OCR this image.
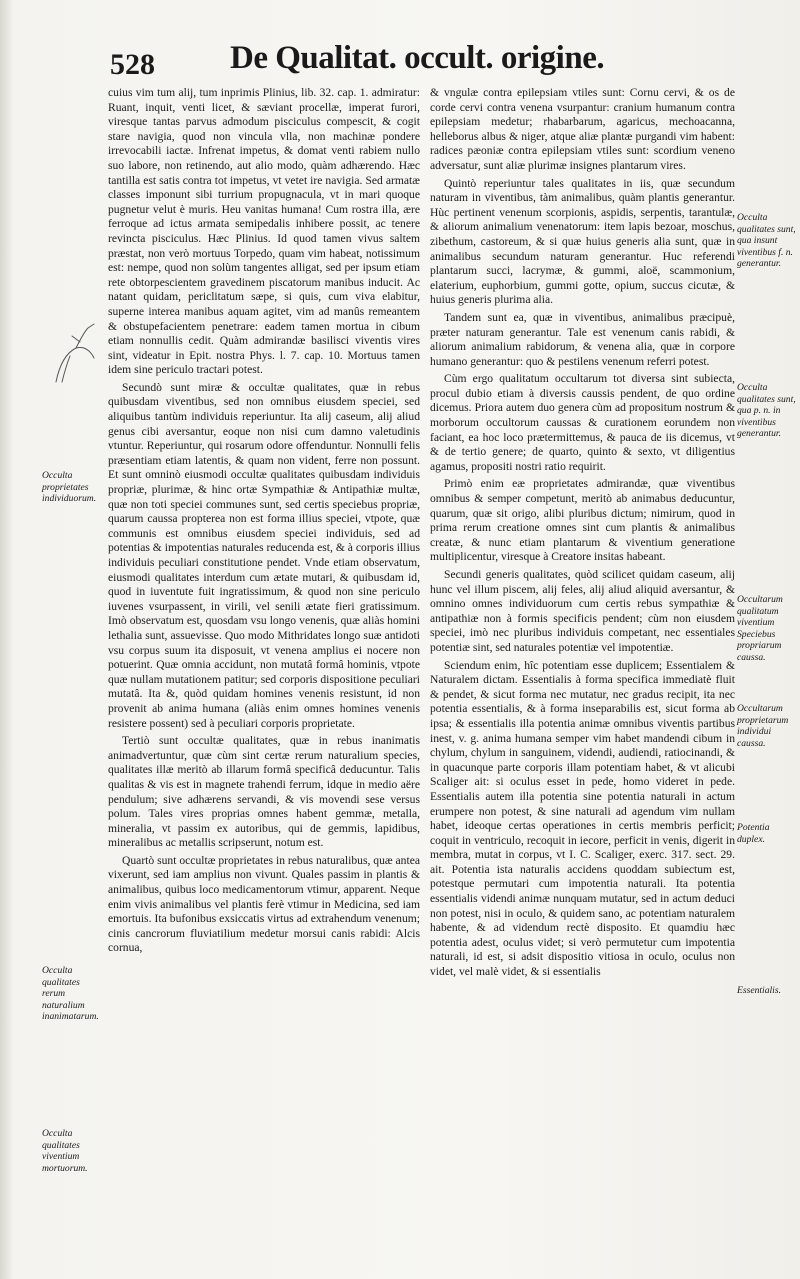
528 De Qualitat. occult. origine.

cuius vim tum alij, tum inprimis Plinius, lib. 32. cap. 1. admiratur: Ruant, inquit, venti licet, & sæviant procellæ, imperat furori, viresque tantas parvus admodum pisciculus compescit, & cogit stare navigia, quod non vincula vlla, non machinæ pondere irrevocabili iactæ. Infrenat impetus, & domat venti rabiem nullo suo labore, non retinendo, aut alio modo, quàm adhærendo. Hæc tantilla est satis contra tot impetus, vt vetet ire navigia. Sed armatæ classes imponunt sibi turrium propugnacula, vt in mari quoque pugnetur velut è muris. Heu vanitas humana! Cum rostra illa, ære ferroque ad ictus armata semipedalis inhibere possit, ac tenere revincta pisciculus. Hæc Plinius. Id quod tamen vivus saltem præstat, non verò mortuus Torpedo, quam vim habeat, notissimum est: nempe, quod non solùm tangentes alligat, sed per ipsum etiam rete obtorpescientem gravedinem piscatorum manibus inducit. Ac natant quidam, periclitatum sæpe, si quis, cum viva elabitur, superne interea manibus aquam agitet, vim ad manûs remeantem & obstupefacientem penetrare: eadem tamen mortua in cibum etiam nonnullis cedit. Quàm admirandæ basilisci viventis vires sint, videatur in Epit. nostra Phys. l. 7. cap. 10. Mortuus tamen idem sine periculo tractari potest.

Secundò sunt miræ & occultæ qualitates, quæ in rebus quibusdam viventibus, sed non omnibus eiusdem speciei, sed aliquibus tantùm individuis reperiuntur. Ita alij caseum, alij aliud genus cibi aversantur, eoque non nisi cum damno valetudinis vtuntur. Reperiuntur, qui rosarum odore offenduntur. Nonnulli felis præsentiam etiam latentis, & quam non vident, ferre non possunt. Et sunt omninò eiusmodi occultæ qualitates quibusdam individuis propriæ, plurimæ, & hinc ortæ Sympathiæ & Antipathiæ multæ, quæ non toti speciei communes sunt, sed certis speciebus propriæ, quarum caussa propterea non est forma illius speciei, vtpote, quæ communis est omnibus eiusdem speciei individuis, sed ad potentias & impotentias naturales reducenda est, & à corporis illius individuis peculiari constitutione pendet. Vnde etiam observatum, eiusmodi qualitates interdum cum ætate mutari, & quibusdam id, quod in iuventute fuit ingratissimum, & quod non sine periculo iuvenes vsurpassent, in virili, vel senili ætate fieri gratissimum. Imò observatum est, quosdam vsu longo venenis, quæ aliàs homini lethalia sunt, assuevisse. Quo modo Mithridates longo suæ antidoti vsu corpus suum ita disposuit, vt venena amplius ei nocere non potuerint. Quæ omnia accidunt, non mutatâ formâ hominis, vtpote quæ nullam mutationem patitur; sed corporis dispositione peculiari mutatâ. Ita &, quòd quidam homines venenis resistunt, id non provenit ab anima humana (aliàs enim omnes homines venenis resistere possent) sed à peculiari corporis proprietate.

Tertiò sunt occultæ qualitates, quæ in rebus inanimatis animadvertuntur, quæ cùm sint certæ rerum naturalium species, qualitates illæ meritò ab illarum formâ specificâ deducuntur. Talis qualitas & vis est in magnete trahendi ferrum, idque in medio aëre pendulum; sive adhærens servandi, & vis movendi sese versus polum. Tales vires proprias omnes habent gemmæ, metalla, mineralia, vt passim ex autoribus, qui de gemmis, lapidibus, mineralibus ac metallis scripserunt, notum est.

Quartò sunt occultæ proprietates in rebus naturalibus, quæ antea vixerunt, sed iam amplius non vivunt. Quales passim in plantis & animalibus, quibus loco medicamentorum vtimur, apparent. Neque enim vivis animalibus vel plantis ferè vtimur in Medicina, sed iam emortuis. Ita bufonibus exsiccatis virtus ad extrahendum venenum; cinis cancrorum fluviatilium medetur morsui canis rabidi: Alcis cornua,

& vngulæ contra epilepsiam vtiles sunt: Cornu cervi, & os de corde cervi contra venena vsurpantur: cranium humanum contra epilepsiam medetur; rhabarbarum, agaricus, mechoacanna, helleborus albus & niger, atque aliæ plantæ purgandi vim habent: radices pæoniæ contra epilepsiam vtiles sunt: scordium veneno adversatur, sunt aliæ plurimæ insignes plantarum vires.

Quintò reperiuntur tales qualitates in iis, quæ secundum naturam in viventibus, tàm animalibus, quàm plantis generantur. Hùc pertinent venenum scorpionis, aspidis, serpentis, tarantulæ, & aliorum animalium venenatorum: item lapis bezoar, moschus, zibethum, castoreum, & si quæ huius generis alia sunt, quæ in animalibus secundum naturam generantur. Huc referendi plantarum succi, lacrymæ, & gummi, aloë, scammonium, elaterium, euphorbium, gummi gotte, opium, succus cicutæ, & huius generis plurima alia.

Tandem sunt ea, quæ in viventibus, animalibus præcipuè, præter naturam generantur. Tale est venenum canis rabidi, & aliorum animalium rabidorum, & venena alia, quæ in corpore humano generantur: quo & pestilens venenum referri potest.

Cùm ergo qualitatum occultarum tot diversa sint subiecta, procul dubio etiam à diversis caussis pendent, de quo ordine dicemus. Priora autem duo genera cùm ad propositum nostrum & morborum occultorum caussas & curationem eorundem non faciant, ea hoc loco prætermittemus, & pauca de iis dicemus, vt & de tertio genere; de quarto, quinto & sexto, vt diligentius agamus, propositi nostri ratio requirit.

Primò enim eæ proprietates admirandæ, quæ viventibus omnibus & semper competunt, meritò ab animabus deducuntur, quarum, quæ sit origo, alibi pluribus dictum; nimirum, quod in prima rerum creatione omnes sint cum plantis & animalibus creatæ, & nunc etiam plantarum & viventium generatione multiplicentur, viresque à Creatore insitas habeant.

Secundi generis qualitates, quòd scilicet quidam caseum, alij hunc vel illum piscem, alij feles, alij aliud aliquid aversantur, & omnino omnes individuorum cum certis rebus sympathiæ & antipathiæ non à formis specificis pendent; cùm non eiusdem speciei, imò nec pluribus individuis competant, nec essentiales potentiæ sint, sed naturales potentiæ vel impotentiæ.

Sciendum enim, hîc potentiam esse duplicem; Essentialem & Naturalem dictam. Essentialis à forma specifica immediatè fluit & pendet, & sicut forma nec mutatur, nec gradus recipit, ita nec potentia essentialis, & à forma inseparabilis est, sicut forma ab ipsa; & essentialis illa potentia animæ omnibus viventis partibus inest, v. g. anima humana semper vim habet mandendi cibum in chylum, chylum in sanguinem, videndi, audiendi, ratiocinandi, & in quacunque parte corporis illam potentiam habet, & vt alicubi Scaliger ait: si oculus esset in pede, homo videret in pede. Essentialis autem illa potentia sine potentia naturali in actum erumpere non potest, & sine naturali ad agendum vim nullam habet, ideoque certas operationes in certis membris perficit; coquit in ventriculo, recoquit in iecore, perficit in venis, digerit in membra, mutat in corpus, vt I. C. Scaliger, exerc. 317. sect. 29. ait. Potentia ista naturalis accidens quoddam subiectum est, potestque permutari cum impotentia naturali. Ita potentia essentialis videndi animæ nunquam mutatur, sed in actum deduci non potest, nisi in oculo, & quidem sano, ac potentiam naturalem habente, & ad videndum rectè disposito. Et quamdiu hæc potentia adest, oculus videt; si verò permutetur cum impotentia naturali, id est, si adsit dispositio vitiosa in oculo, oculus non videt, vel malè videt, & si essentialis

Occulta proprietates individuorum.
Occulta qualitates rerum naturalium inanimatarum.
Occulta qualitates viventium mortuorum.
Occulta qualitates sunt, qua insunt viventibus f. n. generantur.
Occulta qualitates sunt, qua p. n. in viventibus generantur.
Occultarum qualitatum viventium Speciebus propriarum caussa.
Occultarum proprietarum individui caussa.
Potentia duplex.
Essentialis.
